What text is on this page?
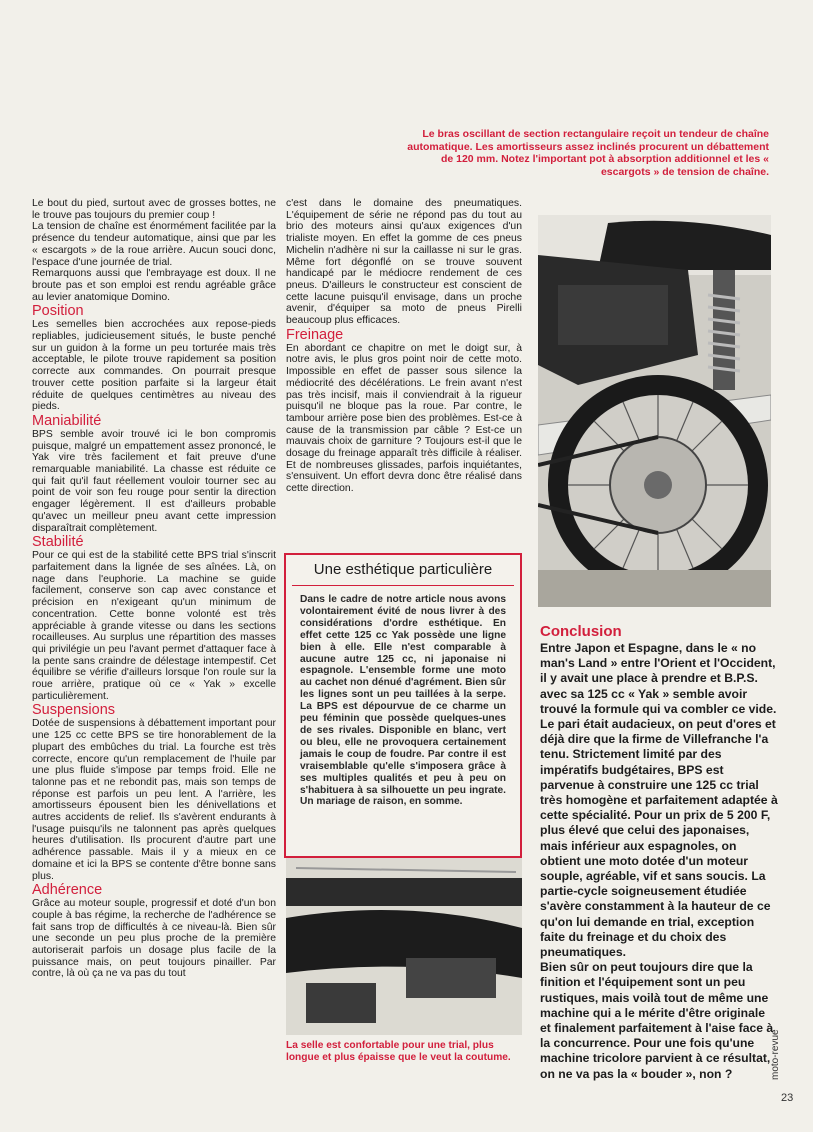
Le bras oscillant de section rectangulaire reçoit un tendeur de chaîne automatique. Les amortisseurs assez inclinés procurent un débattement de 120 mm. Notez l'important pot à absorption additionnel et les « escargots » de tension de chaîne.

Le bout du pied, surtout avec de grosses bottes, ne le trouve pas toujours du premier coup !

La tension de chaîne est énormément facilitée par la présence du tendeur automatique, ainsi que par les « escargots » de la roue arrière. Aucun souci donc, l'espace d'une journée de trial.

Remarquons aussi que l'embrayage est doux. Il ne broute pas et son emploi est rendu agréable grâce au levier anatomique Domino.

Position

Les semelles bien accrochées aux repose-pieds repliables, judicieusement situés, le buste penché sur un guidon à la forme un peu torturée mais très acceptable, le pilote trouve rapidement sa position correcte aux commandes. On pourrait presque trouver cette position parfaite si la largeur était réduite de quelques centimètres au niveau des pieds.

Maniabilité

BPS semble avoir trouvé ici le bon compromis puisque, malgré un empattement assez prononcé, le Yak vire très facilement et fait preuve d'une remarquable maniabilité. La chasse est réduite ce qui fait qu'il faut réellement vouloir tourner sec au point de voir son feu rouge pour sentir la direction engager légèrement. Il est d'ailleurs probable qu'avec un meilleur pneu avant cette impression disparaîtrait complètement.

Stabilité

Pour ce qui est de la stabilité cette BPS trial s'inscrit parfaitement dans la lignée de ses aînées. Là, on nage dans l'euphorie. La machine se guide facilement, conserve son cap avec constance et précision en n'exigeant qu'un minimum de concentration. Cette bonne volonté est très appréciable à grande vitesse ou dans les sections rocailleuses. Au surplus une répartition des masses qui privilégie un peu l'avant permet d'attaquer face à la pente sans craindre de délestage intempestif. Cet équilibre se vérifie d'ailleurs lorsque l'on roule sur la roue arrière, pratique où ce « Yak » excelle particulièrement.

Suspensions

Dotée de suspensions à débattement important pour une 125 cc cette BPS se tire honorablement de la plupart des embûches du trial. La fourche est très correcte, encore qu'un remplacement de l'huile par une plus fluide s'impose par temps froid. Elle ne talonne pas et ne rebondit pas, mais son temps de réponse est parfois un peu lent. A l'arrière, les amortisseurs épousent bien les dénivellations et autres accidents de relief. Ils s'avèrent endurants à l'usage puisqu'ils ne talonnent pas après quelques heures d'utilisation. Ils procurent d'autre part une adhérence passable. Mais il y a mieux en ce domaine et ici la BPS se contente d'être bonne sans plus.

Adhérence

Grâce au moteur souple, progressif et doté d'un bon couple à bas régime, la recherche de l'adhérence se fait sans trop de difficultés à ce niveau-là. Bien sûr une seconde un peu plus proche de la première autoriserait parfois un dosage plus facile de la puissance mais, on peut toujours pinailler. Par contre, là où ça ne va pas du tout

c'est dans le domaine des pneumatiques. L'équipement de série ne répond pas du tout au brio des moteurs ainsi qu'aux exigences d'un trialiste moyen. En effet la gomme de ces pneus Michelin n'adhère ni sur la caillasse ni sur le gras. Même fort dégonflé on se trouve souvent handicapé par le médiocre rendement de ces pneus. D'ailleurs le constructeur est conscient de cette lacune puisqu'il envisage, dans un proche avenir, d'équiper sa moto de pneus Pirelli beaucoup plus efficaces.

Freinage

En abordant ce chapitre on met le doigt sur, à notre avis, le plus gros point noir de cette moto. Impossible en effet de passer sous silence la médiocrité des décélérations. Le frein avant n'est pas très incisif, mais il conviendrait à la rigueur puisqu'il ne bloque pas la roue. Par contre, le tambour arrière pose bien des problèmes. Est-ce à cause de la transmission par câble ? Est-ce un mauvais choix de garniture ? Toujours est-il que le dosage du freinage apparaît très difficile à réaliser. Et de nombreuses glissades, parfois inquiétantes, s'ensuivent. Un effort devra donc être réalisé dans cette direction.

Une esthétique particulière
Dans le cadre de notre article nous avons volontairement évité de nous livrer à des considérations d'ordre esthétique. En effet cette 125 cc Yak possède une ligne bien à elle. Elle n'est comparable à aucune autre 125 cc, ni japonaise ni espagnole. L'ensemble forme une moto au cachet non dénué d'agrément. Bien sûr les lignes sont un peu taillées à la serpe. La BPS est dépourvue de ce charme un peu féminin que possède quelques-unes de ses rivales. Disponible en blanc, vert ou bleu, elle ne provoquera certainement jamais le coup de foudre. Par contre il est vraisemblable qu'elle s'imposera grâce à ses multiples qualités et peu à peu on s'habituera à sa silhouette un peu ingrate. Un mariage de raison, en somme.
La selle est confortable pour une trial, plus longue et plus épaisse que le veut la coutume.
Conclusion

Entre Japon et Espagne, dans le « no man's Land » entre l'Orient et l'Occident, il y avait une place à prendre et B.P.S. avec sa 125 cc « Yak » semble avoir trouvé la formule qui va combler ce vide. Le pari était audacieux, on peut d'ores et déjà dire que la firme de Villefranche l'a tenu. Strictement limité par des impératifs budgétaires, BPS est parvenue à construire une 125 cc trial très homogène et parfaitement adaptée à cette spécialité. Pour un prix de 5 200 F, plus élevé que celui des japonaises, mais inférieur aux espagnoles, on obtient une moto dotée d'un moteur souple, agréable, vif et sans soucis. La partie-cycle soigneusement étudiée s'avère constamment à la hauteur de ce qu'on lui demande en trial, exception faite du freinage et du choix des pneumatiques.

Bien sûr on peut toujours dire que la finition et l'équipement sont un peu rustiques, mais voilà tout de même une machine qui a le mérite d'être originale et finalement parfaitement à l'aise face à la concurrence. Pour une fois qu'une machine tricolore parvient à ce résultat, on ne va pas la « bouder », non ?	moto-revue
23
